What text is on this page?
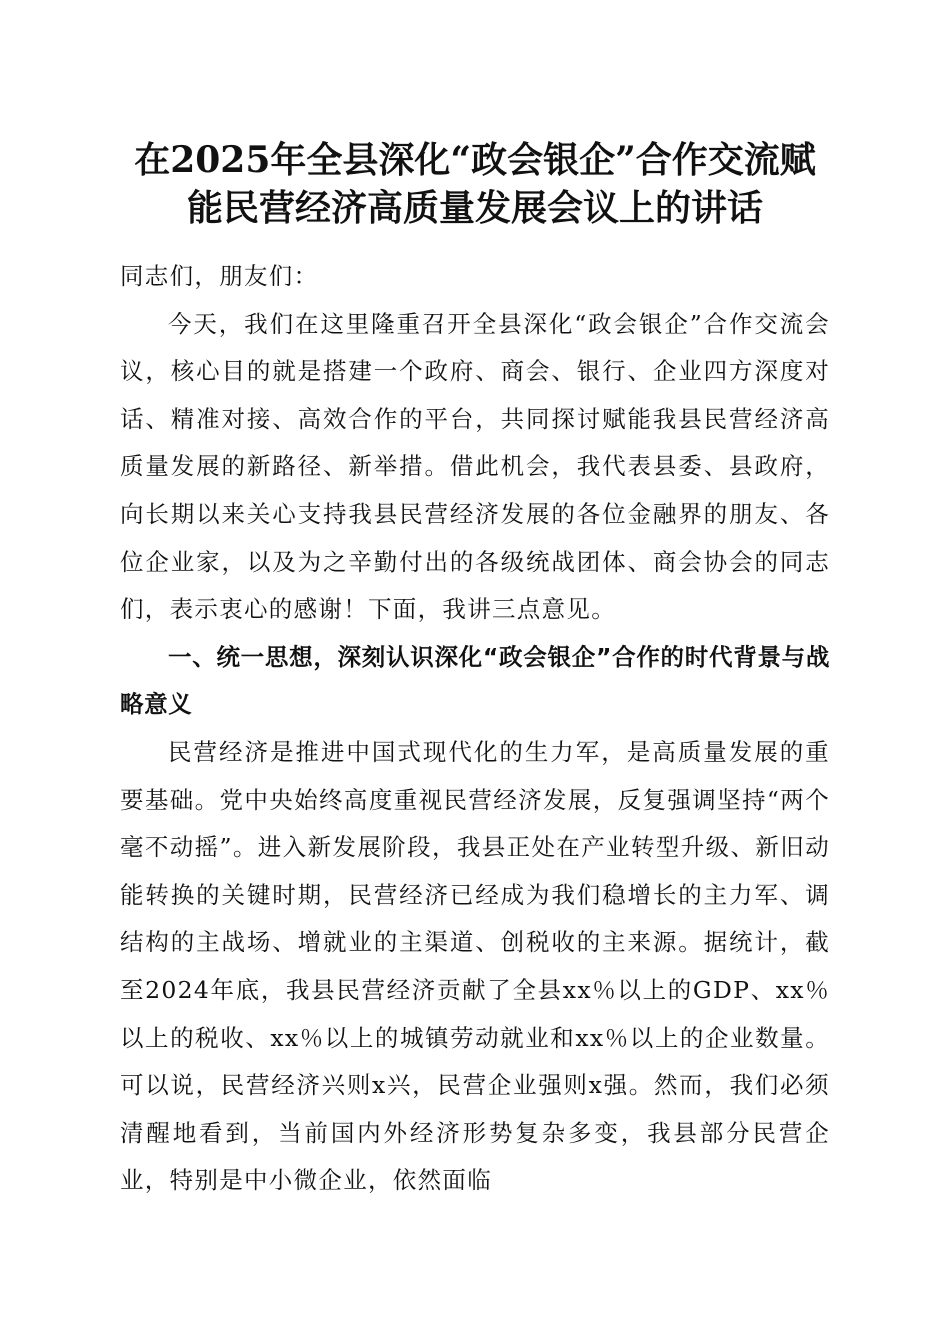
在2025年全县深化“政会银企”合作交流赋
能民营经济高质量发展会议上的讲话

同志们，朋友们：

今天，我们在这里隆重召开全县深化“政会银企”合作交流会议，核心目的就是搭建一个政府、商会、银行、企业四方深度对话、精准对接、高效合作的平台，共同探讨赋能我县民营经济高质量发展的新路径、新举措。借此机会，我代表县委、县政府，向长期以来关心支持我县民营经济发展的各位金融界的朋友、各位企业家，以及为之辛勤付出的各级统战团体、商会协会的同志们，表示衷心的感谢！下面，我讲三点意见。

一、统一思想，深刻认识深化“政会银企”合作的时代背景与战略意义

民营经济是推进中国式现代化的生力军，是高质量发展的重要基础。党中央始终高度重视民营经济发展，反复强调坚持“两个毫不动摇”。进入新发展阶段，我县正处在产业转型升级、新旧动能转换的关键时期，民营经济已经成为我们稳增长的主力军、调结构的主战场、增就业的主渠道、创税收的主来源。据统计，截至2024年底，我县民营经济贡献了全县xx％以上的GDP、xx％以上的税收、xx％以上的城镇劳动就业和xx％以上的企业数量。可以说，民营经济兴则x兴，民营企业强则x强。然而，我们必须清醒地看到，当前国内外经济形势复杂多变，我县部分民营企业，特别是中小微企业，依然面临
